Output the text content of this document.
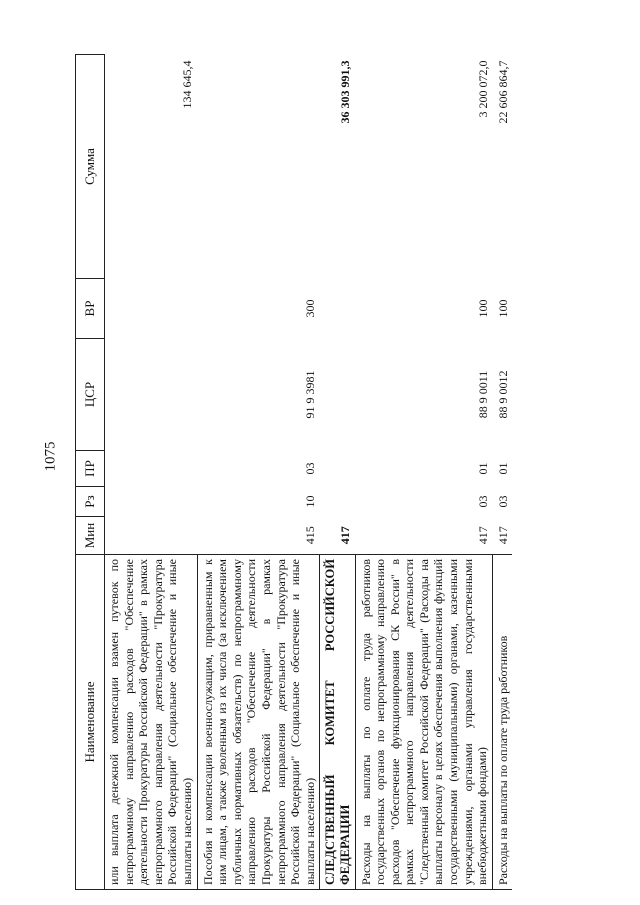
1075
Наименование	Мин	Рз	ПР	ЦСР	ВР	Сумма
или выплата денежной компенсации взамен путевок по непрограммному направлению расходов "Обеспечение деятельности Прокуратуры Российской Федерации" в рамках непрограммного направления деятельности "Прокуратура Российской Федерации" (Социальное обеспечение и иные выплаты населению)						134 645,4
Пособия и компенсации военнослужащим, приравненным к ним лицам, а также уволенным из их числа (за исключением публичных нормативных обязательств) по непрограммному направлению расходов "Обеспечение деятельности Прокуратуры Российской Федерации" в рамках непрограммного направления деятельности "Прокуратура Российской Федерации" (Социальное обеспечение и иные выплаты населению)	415	10	03	91 9 3981	300	
СЛЕДСТВЕННЫЙ КОМИТЕТ РОССИЙСКОЙ ФЕДЕРАЦИИ	417					36 303 991,3
Расходы на выплаты по оплате труда работников государственных органов по непрограммному направлению расходов "Обеспечение функционирования СК России" в рамках непрограммного направления деятельности "Следственный комитет Российской Федерации" (Расходы на выплаты персоналу в целях обеспечения выполнения функций государственными (муниципальными) органами, казенными учреждениями, органами управления государственными внебюджетными фондами)	417	03	01	88 9 0011	100	3 200 072,0
Расходы на выплаты по оплате труда работников	417	03	01	88 9 0012	100	22 606 864,7
